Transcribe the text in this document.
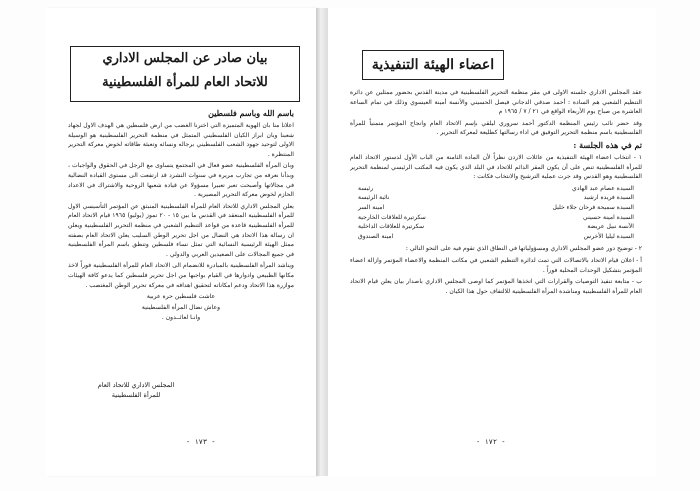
بيان صادر عن المجلس الاداري
للاتحاد العام للمرأة الفلسطينية

باسم الله وباسم فلسطين

اعلانا منا بان الهوية المتميزة التي اخترنا الغضب من ارض فلسطين هي الهدف الاول لجهاد شعبنا وبان ابراز الكيان الفلسطيني المتمثل في منظمة التحرير الفلسطينية هو الوسيلة الاولى لتوحيد جهود الشعب الفلسطيني برجاله ونسائه وتعبئة طاقاته لخوض معركة التحرير المنتظرة .

وبان المرأة الفلسطينية عضو فعال في المجتمع يتساوى مع الرجل في الحقوق والواجبات ، وبدأنا نعرفه من تجارب مريرة في سنوات التشرد قد ارتفعت الى مستوى القيادة النضالية في مجالاتها وأصبحت تعبر تعبيرا مسؤولا عن قيادة شعبها الروحية والاشتراك في الاعداد الحازم لخوض معركة التحرير المصيرية .

يعلن المجلس الاداري للاتحاد العام للمرأة الفلسطينية المنبثق عن المؤتمر التأسيسي الاول للمرأة الفلسطينية المنعقد في القدس ما بين ١٥ - ٢٠ تموز (يوليو) ١٩٦٥ قيام الاتحاد العام للمرأة الفلسطينية قاعدة من قواعد التنظيم الشعبي في منظمة التحرير الفلسطينية ويعلن ان رسالة هذا الاتحاد هي النضال من اجل تحرير الوطن السليب يعلن الاتحاد العام بصفته ممثل الهيئة الرئيسية النسائية التي تمثل نساء فلسطين وتنطق باسم المرأة الفلسطينية في جميع المجالات على الصعيدين العربي والدولي .

ويناشد المرأة الفلسطينية بالمبادرة للانضمام الى الاتحاد العام للمرأة الفلسطينية فوراً لاخذ مكانها الطبيعي وادوارها في القيام بواجبها من اجل تحرير فلسطين كما يدعو كافة الهيئات موازرة هذا الاتحاد ودعم امكاناته لتحقيق اهدافه في معركة تحرير الوطن المغتصب .

عاشت فلسطين حرة عربية
وعاش نضال المرأة الفلسطينية
وانـا لعائــدون .
المجلس الاداري للاتحاد العام
للمرأة الفلسطينية
- ١٧٣ -
اعضاء الهيئة التنفيذية

عقد المجلس الاداري جلسته الاولى في مقر منظمة التحرير الفلسطينية في مدينة القدس بحضور ممثلين عن دائرة التنظيم الشعبي هم السادة : أحمد صدقي الدجاني فيصل الحسيني والأنسة أمينة العيسوي وذلك في تمام الساعة العاشرة من صباح يوم الأربعاء الواقع في ٢١ / ٧ / ١٩٦٥ م

وقد حضر نائب رئيس المنظمة الدكتور أحمد سروري ليلقي بإسم الاتحاد العام وانجاح المؤتمر متمنياً للمرأة الفلسطينية باسم منظمة التحرير التوفيق في اداء رسالتها كطليعة لمعركة التحرير .

تم في هذه الجلسة :

١ - انتخاب اعضاء الهيئة التنفيذية من عائلات الاردن نظراً لأن المادة الثامنة من الباب الأول لدستور الاتحاد العام للمرأة الفلسطينية تنص على أن يكون المقر الدائم للاتحاد في البلد الذي يكون فيه المكتب الرئيسي لمنظمة التحرير الفلسطينية وهو القدس وقد جرت عملية الترشيح والانتخاب فكانت :

السيدة عصام عبد الهادي
رئيسة
السيدة فريدة ارشيد
نائبة الرئيسة
السيدة سميحة فرحان جلاء خليل
امينة السر
السيدة امينة حسيني
سكرتيرة للعلاقات الخارجية
الآنسة نبيل عريضة
سكرتيرة للعلاقات الداخلية
السيدة ليليا الأخرس
امينة الصندوق

٢ - توضيح دور عضو المجلس الاداري ومسؤولياتها في النطاق الذي تقوم فيه على النحو التالي :

أ - اعلان قيام الاتحاد بالاتصالات التي تمت لدائرة التنظيم الشعبي في مكاتب المنظمة والاعضاء المؤتمر وازالة اعضاء المؤتمر بتشكيل الوحدات المحلية فوراً .

ب - متابعة تنفيذ التوصيات والقرارات التي اتخذها المؤتمر كما اوصى المجلس الاداري باصدار بيان يعلن قيام الاتحاد العام للمرأة الفلسطينية ومناشدة المرأة الفلسطينية للالتفاف حول هذا الكيان .

- ١٧٢ -
